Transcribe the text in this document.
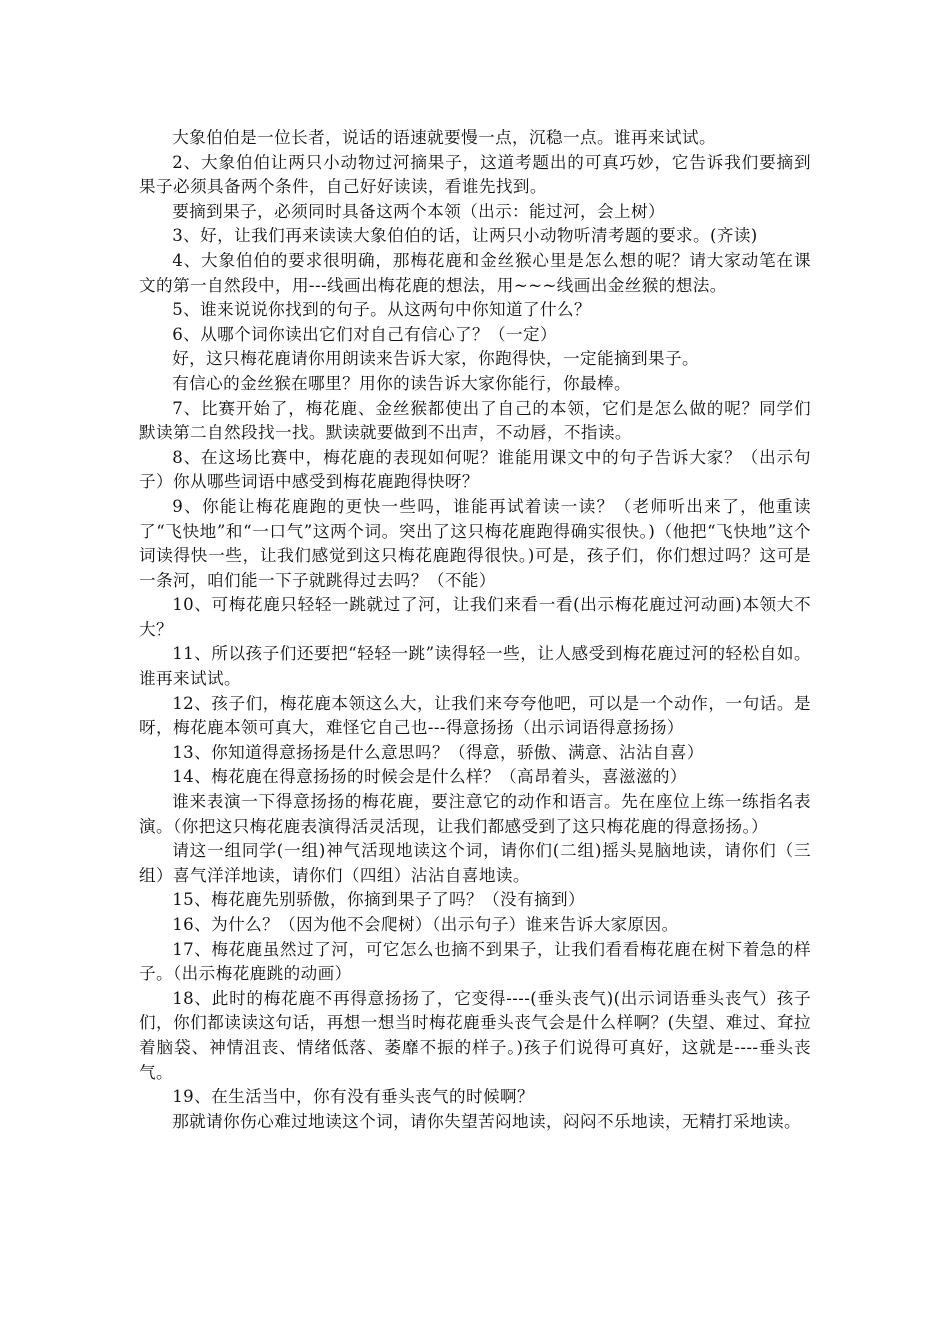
大象伯伯是一位长者，说话的语速就要慢一点，沉稳一点。谁再来试试。

2、大象伯伯让两只小动物过河摘果子，这道考题出的可真巧妙，它告诉我们要摘到果子必须具备两个条件，自己好好读读，看谁先找到。

要摘到果子，必须同时具备这两个本领（出示：能过河，会上树）

3、好，让我们再来读读大象伯伯的话，让两只小动物听清考题的要求。(齐读)

4、大象伯伯的要求很明确，那梅花鹿和金丝猴心里是怎么想的呢？请大家动笔在课文的第一自然段中，用---线画出梅花鹿的想法，用~~~线画出金丝猴的想法。

5、谁来说说你找到的句子。从这两句中你知道了什么？

6、从哪个词你读出它们对自己有信心了？（一定）

好，这只梅花鹿请你用朗读来告诉大家，你跑得快，一定能摘到果子。

有信心的金丝猴在哪里？用你的读告诉大家你能行，你最棒。

7、比赛开始了，梅花鹿、金丝猴都使出了自己的本领，它们是怎么做的呢？同学们默读第二自然段找一找。默读就要做到不出声，不动唇，不指读。

8、在这场比赛中，梅花鹿的表现如何呢？谁能用课文中的句子告诉大家？（出示句子）你从哪些词语中感受到梅花鹿跑得快呀？

9、你能让梅花鹿跑的更快一些吗，谁能再试着读一读？（老师听出来了，他重读了“飞快地”和“一口气”这两个词。突出了这只梅花鹿跑得确实很快。)（他把“飞快地”这个词读得快一些，让我们感觉到这只梅花鹿跑得很快。)可是，孩子们，你们想过吗？这可是一条河，咱们能一下子就跳得过去吗？（不能）

10、可梅花鹿只轻轻一跳就过了河，让我们来看一看(出示梅花鹿过河动画)本领大不大？

11、所以孩子们还要把“轻轻一跳”读得轻一些，让人感受到梅花鹿过河的轻松自如。谁再来试试。

12、孩子们，梅花鹿本领这么大，让我们来夸夸他吧，可以是一个动作，一句话。是呀，梅花鹿本领可真大，难怪它自己也---得意扬扬（出示词语得意扬扬）

13、你知道得意扬扬是什么意思吗？（得意，骄傲、满意、沾沾自喜）

14、梅花鹿在得意扬扬的时候会是什么样？（高昂着头，喜滋滋的）

谁来表演一下得意扬扬的梅花鹿，要注意它的动作和语言。先在座位上练一练指名表演。（你把这只梅花鹿表演得活灵活现，让我们都感受到了这只梅花鹿的得意扬扬。）

请这一组同学(一组)神气活现地读这个词，请你们(二组)摇头晃脑地读，请你们（三组）喜气洋洋地读，请你们（四组）沾沾自喜地读。

15、梅花鹿先别骄傲，你摘到果子了吗？（没有摘到）

16、为什么？（因为他不会爬树）（出示句子）谁来告诉大家原因。

17、梅花鹿虽然过了河，可它怎么也摘不到果子，让我们看看梅花鹿在树下着急的样子。（出示梅花鹿跳的动画）

18、此时的梅花鹿不再得意扬扬了，它变得----(垂头丧气)(出示词语垂头丧气）孩子们，你们都读读这句话，再想一想当时梅花鹿垂头丧气会是什么样啊？(失望、难过、耷拉着脑袋、神情沮丧、情绪低落、萎靡不振的样子。)孩子们说得可真好，这就是----垂头丧气。

19、在生活当中，你有没有垂头丧气的时候啊？

那就请你伤心难过地读这个词，请你失望苦闷地读，闷闷不乐地读，无精打采地读。
